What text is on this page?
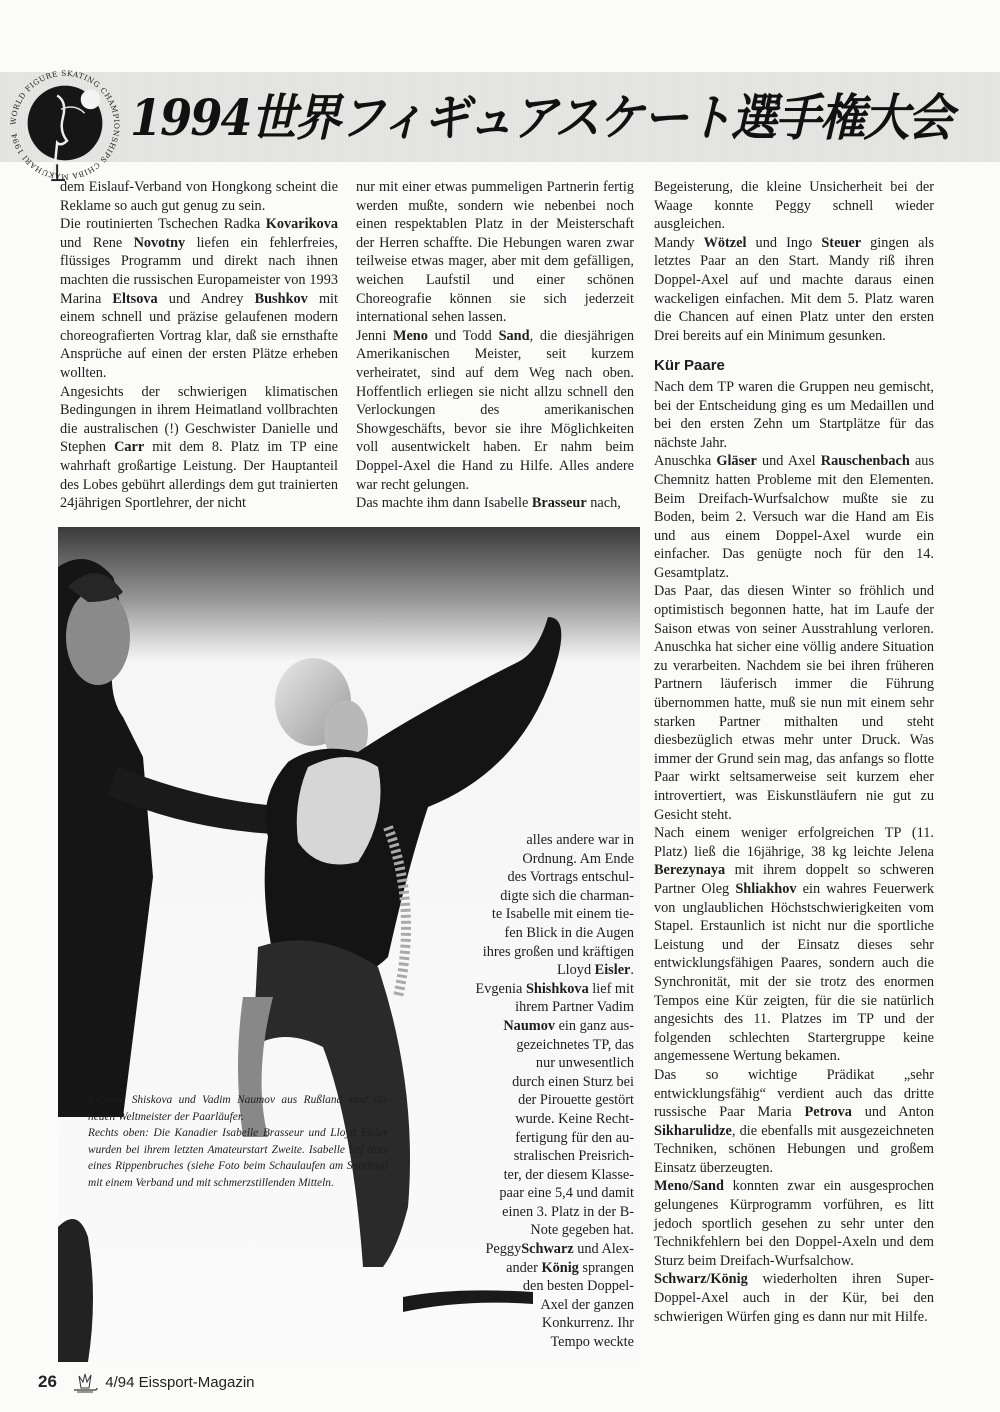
WORLD FIGURE SKATING CHAMPIONSHIPS CHIBA MAKUHARI 1994	1994世界フィギュアスケート選手権大会

dem Eislauf-Verband von Hongkong scheint die Reklame so auch gut genug zu sein.

Die routinierten Tschechen Radka Kovarikova und Rene Novotny liefen ein fehlerfreies, flüssiges Programm und direkt nach ihnen machten die russischen Europameister von 1993 Marina Eltsova und Andrey Bushkov mit einem schnell und präzise gelaufenen modern choreografierten Vortrag klar, daß sie ernsthafte Ansprüche auf einen der ersten Plätze erheben wollten.

Angesichts der schwierigen klimatischen Bedingungen in ihrem Heimatland vollbrachten die australischen (!) Geschwister Danielle und Stephen Carr mit dem 8. Platz im TP eine wahrhaft großartige Leistung. Der Hauptanteil des Lobes gebührt allerdings dem gut trainierten 24jährigen Sportlehrer, der nicht

nur mit einer etwas pummeligen Partnerin fertig werden mußte, sondern wie nebenbei noch einen respektablen Platz in der Meisterschaft der Herren schaffte. Die Hebungen waren zwar teilweise etwas mager, aber mit dem gefälligen, weichen Laufstil und einer schönen Choreografie können sie sich jederzeit international sehen lassen.

Jenni Meno und Todd Sand, die diesjährigen Amerikanischen Meister, seit kurzem verheiratet, sind auf dem Weg nach oben. Hoffentlich erliegen sie nicht allzu schnell den Verlockungen des amerikanischen Showgeschäfts, bevor sie ihre Möglichkeiten voll ausentwickelt haben. Er nahm beim Doppel-Axel die Hand zu Hilfe. Alles andere war recht gelungen.

Das machte ihm dann Isabelle Brasseur nach,

alles andere war in
Ordnung. Am Ende
des Vortrags entschul-
digte sich die charman-
te Isabelle mit einem tie-
fen Blick in die Augen
ihres großen und kräftigen

Lloyd Eisler.

Evgenia Shishkova lief mit

ihrem Partner Vadim

Naumov ein ganz aus-

gezeichnetes TP, das
nur unwesentlich
durch einen Sturz bei
der Pirouette gestört
wurde. Keine Recht-
fertigung für den au-
stralischen Preisrich-
ter, der diesem Klasse-
paar eine 5,4 und damit
einen 3. Platz in der B-
Note gegeben hat.

PeggySchwarz und Alex-

ander König sprangen

den besten Doppel-
Axel der ganzen
Konkurrenz. Ihr
Tempo weckte

Evgenia Shiskova und Vadim Naumov aus Rußland sind die neuen Weltmeister der Paarläufer.

Rechts oben: Die Kanadier Isabelle Brasseur und Lloyd Eisler wurden bei ihrem letzten Amateurstart Zweite. Isabelle lief trotz eines Rippenbruches (siehe Foto beim Schaulaufen am Sonntag) mit einem Verband und mit schmerzstillenden Mitteln.

Begeisterung, die kleine Unsicherheit bei der Waage konnte Peggy schnell wieder ausgleichen.

Mandy Wötzel und Ingo Steuer gingen als letztes Paar an den Start. Mandy riß ihren Doppel-Axel auf und machte daraus einen wackeligen einfachen. Mit dem 5. Platz waren die Chancen auf einen Platz unter den ersten Drei bereits auf ein Minimum gesunken.

Kür Paare

Nach dem TP waren die Gruppen neu gemischt, bei der Entscheidung ging es um Medaillen und bei den ersten Zehn um Startplätze für das nächste Jahr.

Anuschka Gläser und Axel Rauschenbach aus Chemnitz hatten Probleme mit den Elementen. Beim Dreifach-Wurfsalchow mußte sie zu Boden, beim 2. Versuch war die Hand am Eis und aus einem Doppel-Axel wurde ein einfacher. Das genügte noch für den 14. Gesamtplatz.

Das Paar, das diesen Winter so fröhlich und optimistisch begonnen hatte, hat im Laufe der Saison etwas von seiner Ausstrahlung verloren. Anuschka hat sicher eine völlig andere Situation zu verarbeiten. Nachdem sie bei ihren früheren Partnern läuferisch immer die Führung übernommen hatte, muß sie nun mit einem sehr starken Partner mithalten und steht diesbezüglich etwas mehr unter Druck. Was immer der Grund sein mag, das anfangs so flotte Paar wirkt seltsamerweise seit kurzem eher introvertiert, was Eiskunstläufern nie gut zu Gesicht steht.

Nach einem weniger erfolgreichen TP (11. Platz) ließ die 16jährige, 38 kg leichte Jelena Berezynaya mit ihrem doppelt so schweren Partner Oleg Shliakhov ein wahres Feuerwerk von unglaublichen Höchstschwierigkeiten vom Stapel. Erstaunlich ist nicht nur die sportliche Leistung und der Einsatz dieses sehr entwicklungsfähigen Paares, sondern auch die Synchronität, mit der sie trotz des enormen Tempos eine Kür zeigten, für die sie natürlich angesichts des 11. Platzes im TP und der folgenden schlechten Startergruppe keine angemessene Wertung bekamen.

Das so wichtige Prädikat „sehr entwicklungsfähig“ verdient auch das dritte russische Paar Maria Petrova und Anton Sikharulidze, die ebenfalls mit ausgezeichneten Techniken, schönen Hebungen und großem Einsatz überzeugten.

Meno/Sand konnten zwar ein ausgesprochen gelungenes Kürprogramm vorführen, es litt jedoch sportlich gesehen zu sehr unter den Technikfehlern bei den Doppel-Axeln und dem Sturz beim Dreifach-Wurfsalchow.

Schwarz/König wiederholten ihren Super-Doppel-Axel auch in der Kür, bei den schwierigen Würfen ging es dann nur mit Hilfe.

26	4/94 Eissport-Magazin
